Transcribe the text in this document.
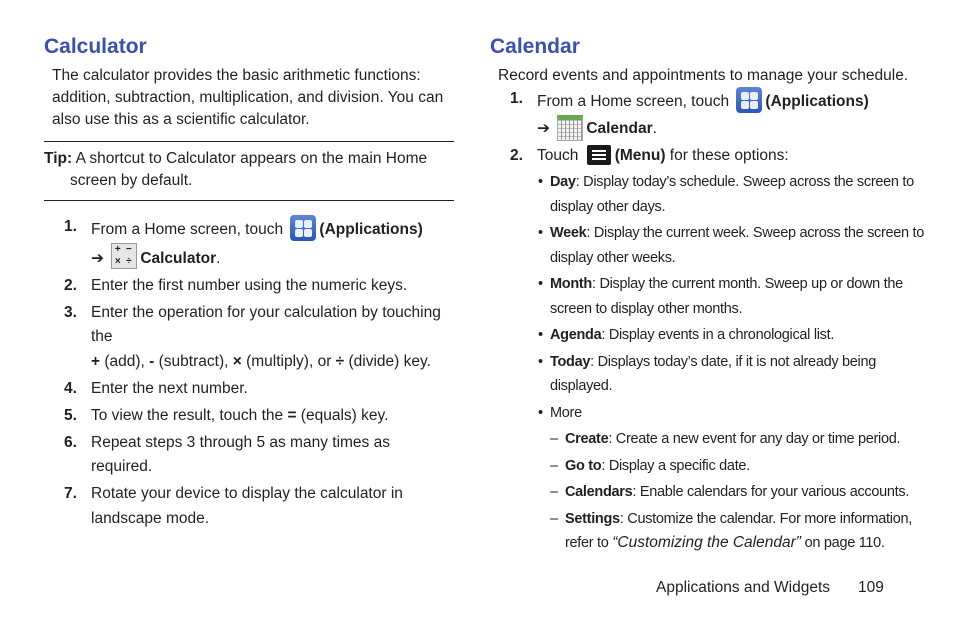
Calculator

The calculator provides the basic arithmetic functions: addition, subtraction, multiplication, and division. You can also use this as a scientific calculator.

Tip: A shortcut to Calculator appears on the main Home screen by default.
1. From a Home screen, touch (Applications)
➔
+ −
× ÷ Calculator.
2. Enter the first number using the numeric keys.
3. Enter the operation for your calculation by touching the
+ (add), - (subtract), × (multiply), or ÷ (divide) key.
4. Enter the next number.
5. To view the result, touch the = (equals) key.
6. Repeat steps 3 through 5 as many times as required.
7. Rotate your device to display the calculator in landscape mode.
Calendar

Record events and appointments to manage your schedule.

1. From a Home screen, touch (Applications)
➔ Calendar.
2. Touch (Menu) for these options:
• Day: Display today’s schedule. Sweep across the screen to display other days.
• Week: Display the current week. Sweep across the screen to display other weeks.
• Month: Display the current month. Sweep up or down the screen to display other months.
• Agenda: Display events in a chronological list.
• Today: Displays today’s date, if it is not already being displayed.
• More
– Create: Create a new event for any day or time period.
– Go to: Display a specific date.
– Calendars: Enable calendars for your various accounts.
– Settings: Customize the calendar. For more information, refer to “Customizing the Calendar” on page 110.
Applications and Widgets 109
